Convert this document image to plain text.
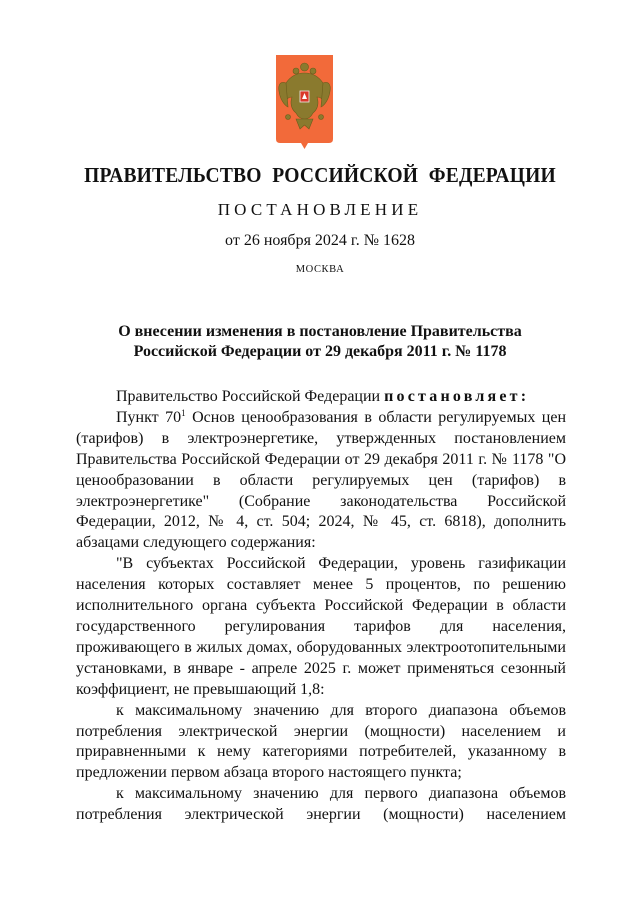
ПРАВИТЕЛЬСТВО РОССИЙСКОЙ ФЕДЕРАЦИИ
ПОСТАНОВЛЕНИЕ
от 26 ноября 2024 г. № 1628
МОСКВА
О внесении изменения в постановление Правительства
Российской Федерации от 29 декабря 2011 г. № 1178

Правительство Российской Федерации постановляет:

Пункт $70^1$ Основ ценообразования в области регулируемых цен (тарифов) в электроэнергетике, утвержденных постановлением Правительства Российской Федерации от 29 декабря 2011 г. № 1178 "О ценообразовании в области регулируемых цен (тарифов) в электроэнергетике" (Собрание законодательства Российской Федерации, 2012, № 4, ст. 504; 2024, № 45, ст. 6818), дополнить абзацами следующего содержания:

"В субъектах Российской Федерации, уровень газификации населения которых составляет менее 5 процентов, по решению исполнительного органа субъекта Российской Федерации в области государственного регулирования тарифов для населения, проживающего в жилых домах, оборудованных электроотопительными установками, в январе - апреле 2025 г. может применяться сезонный коэффициент, не превышающий 1,8:

к максимальному значению для второго диапазона объемов потребления электрической энергии (мощности) населением и приравненными к нему категориями потребителей, указанному в предложении первом абзаца второго настоящего пункта;

к максимальному значению для первого диапазона объемов потребления электрической энергии (мощности) населением
